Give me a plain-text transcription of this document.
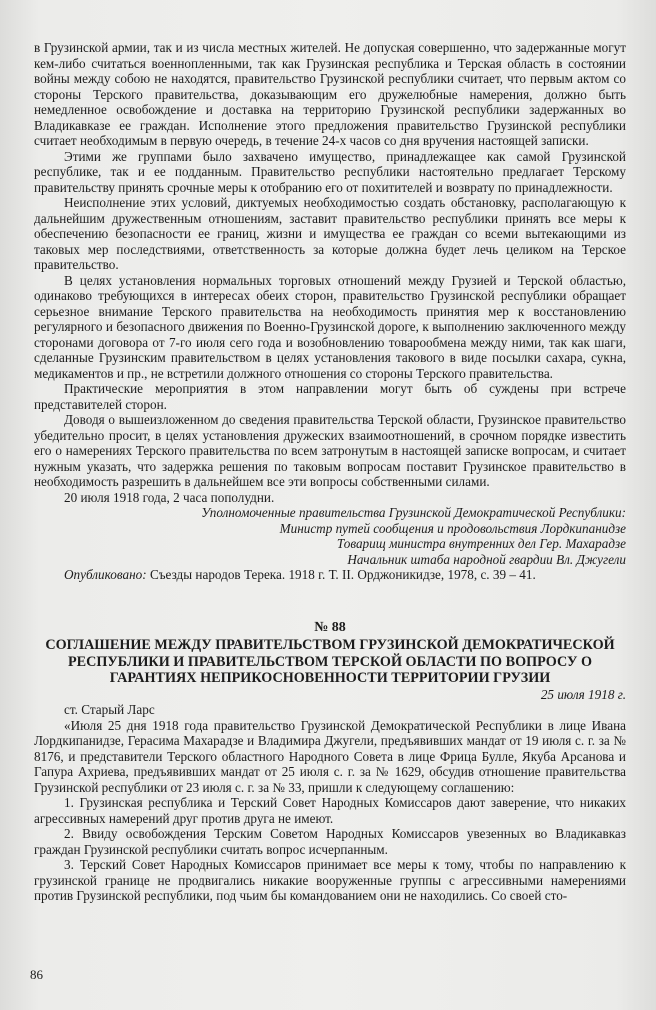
в Грузинской армии, так и из числа местных жителей. Не допуская совершенно, что задержанные могут кем-либо считаться военнопленными, так как Грузинская республика и Терская область в состоянии войны между собою не находятся, правительство Грузинской республики считает, что первым актом со стороны Терского правительства, доказывающим его дружелюбные намерения, должно быть немедленное освобождение и доставка на территорию Грузинской республики задержанных во Владикавказе ее граждан. Исполнение этого предложения правительство Грузинской республики считает необходимым в первую очередь, в течение 24-х часов со дня вручения настоящей записки.

Этими же группами было захвачено имущество, принадлежащее как самой Грузинской республике, так и ее подданным. Правительство республики настоятельно предлагает Терскому правительству принять срочные меры к отобранию его от похитителей и возврату по принадлежности.

Неисполнение этих условий, диктуемых необходимостью создать обстановку, располагающую к дальнейшим дружественным отношениям, заставит правительство республики принять все меры к обеспечению безопасности ее границ, жизни и имущества ее граждан со всеми вытекающими из таковых мер последствиями, ответственность за которые должна будет лечь целиком на Терское правительство.

В целях установления нормальных торговых отношений между Грузией и Терской областью, одинаково требующихся в интересах обеих сторон, правительство Грузинской республики обращает серьезное внимание Терского правительства на необходимость принятия мер к восстановлению регулярного и безопасного движения по Военно-Грузинской дороге, к выполнению заключенного между сторонами договора от 7-го июля сего года и возобновлению товарообмена между ними, так как шаги, сделанные Грузинским правительством в целях установления такового в виде посылки сахара, сукна, медикаментов и пр., не встретили должного отношения со стороны Терского правительства.

Практические мероприятия в этом направлении могут быть об суждены при встрече представителей сторон.

Доводя о вышеизложенном до сведения правительства Терской области, Грузинское правительство убедительно просит, в целях установления дружеских взаимоотношений, в срочном порядке известить его о намерениях Терского правительства по всем затронутым в настоящей записке вопросам, и считает нужным указать, что задержка решения по таковым вопросам поставит Грузинское правительство в необходимость разрешить в дальнейшем все эти вопросы собственными силами.

20 июля 1918 года, 2 часа пополудни.

Уполномоченные правительства Грузинской Демократической Республики:
Министр путей сообщения и продовольствия Лордкипанидзе
Товарищ министра внутренних дел Гер. Махарадзе
Начальник штаба народной гвардии Вл. Джугели

Опубликовано: Съезды народов Терека. 1918 г. Т. II. Орджоникидзе, 1978, с. 39 – 41.

№ 88
СОГЛАШЕНИЕ МЕЖДУ ПРАВИТЕЛЬСТВОМ ГРУЗИНСКОЙ ДЕМОКРАТИЧЕСКОЙ РЕСПУБЛИКИ И ПРАВИТЕЛЬСТВОМ ТЕРСКОЙ ОБЛАСТИ ПО ВОПРОСУ О ГАРАНТИЯХ НЕПРИКОСНОВЕННОСТИ ТЕРРИТОРИИ ГРУЗИИ

25 июля 1918 г.

ст. Старый Ларс

«Июля 25 дня 1918 года правительство Грузинской Демократической Республики в лице Ивана Лордкипанидзе, Герасима Махарадзе и Владимира Джугели, предъявивших мандат от 19 июля с. г. за № 8176, и представители Терского областного Народного Совета в лице Фрица Булле, Якуба Арсанова и Гапура Ахриева, предъявивших мандат от 25 июля с. г. за № 1629, обсудив отношение правительства Грузинской республики от 23 июля с. г. за № 33, пришли к следующему соглашению:

1. Грузинская республика и Терский Совет Народных Комиссаров дают заверение, что никаких агрессивных намерений друг против друга не имеют.

2. Ввиду освобождения Терским Советом Народных Комиссаров увезенных во Владикавказ граждан Грузинской республики считать вопрос исчерпанным.

3. Терский Совет Народных Комиссаров принимает все меры к тому, чтобы по направлению к грузинской границе не продвигались никакие вооруженные группы с агрессивными намерениями против Грузинской республики, под чьим бы командованием они не находились. Со своей сто-

86
